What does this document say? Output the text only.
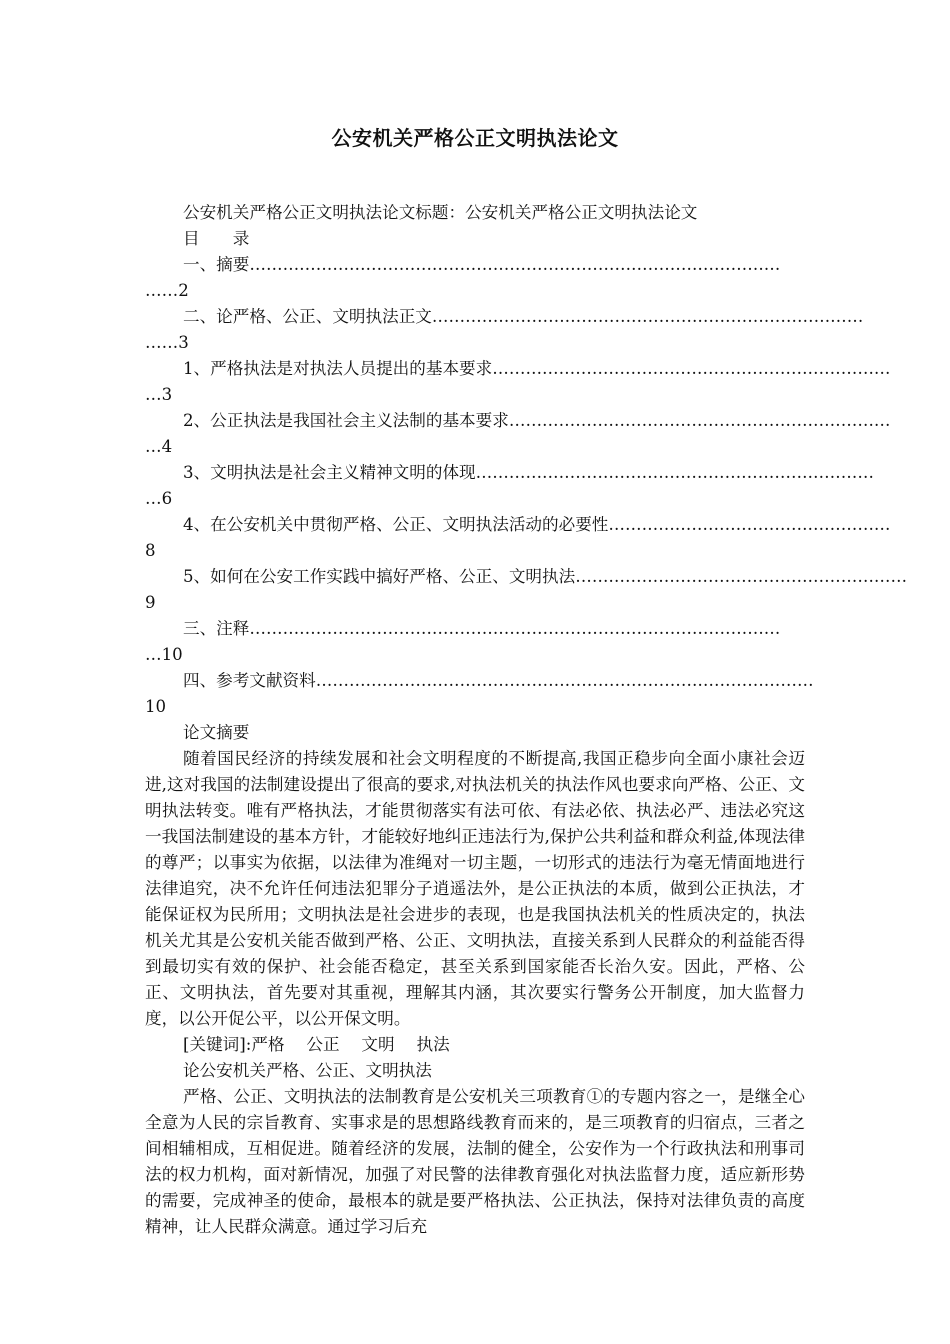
公安机关严格公正文明执法论文

公安机关严格公正文明执法论文标题：公安机关严格公正文明执法论文

目　　录

一、摘要……………………………………………………………………………………

……2

二、论严格、公正、文明执法正文……………………………………………………………………

……3

1、严格执法是对执法人员提出的基本要求………………………………………………………………

…3

2、公正执法是我国社会主义法制的基本要求……………………………………………………………

…4

3、文明执法是社会主义精神文明的体现………………………………………………………………

…6

4、在公安机关中贯彻严格、公正、文明执法活动的必要性……………………………………………

8

5、如何在公安工作实践中搞好严格、公正、文明执法……………………………………………………

9

三、注释……………………………………………………………………………………

…10

四、参考文献资料………………………………………………………………………………

10

论文摘要

随着国民经济的持续发展和社会文明程度的不断提高,我国正稳步向全面小康社会迈进,这对我国的法制建设提出了很高的要求,对执法机关的执法作风也要求向严格、公正、文明执法转变。唯有严格执法，才能贯彻落实有法可依、有法必依、执法必严、违法必究这一我国法制建设的基本方针，才能较好地纠正违法行为,保护公共利益和群众利益,体现法律的尊严；以事实为依据，以法律为准绳对一切主题，一切形式的违法行为毫无情面地进行法律追究，决不允许任何违法犯罪分子逍遥法外，是公正执法的本质，做到公正执法，才能保证权为民所用；文明执法是社会进步的表现，也是我国执法机关的性质决定的，执法机关尤其是公安机关能否做到严格、公正、文明执法，直接关系到人民群众的利益能否得到最切实有效的保护、社会能否稳定，甚至关系到国家能否长治久安。因此，严格、公正、文明执法，首先要对其重视，理解其内涵，其次要实行警务公开制度，加大监督力度，以公开促公平，以公开保文明。

[关键词]:严格　 公正　 文明　 执法

论公安机关严格、公正、文明执法

严格、公正、文明执法的法制教育是公安机关三项教育①的专题内容之一，是继全心全意为人民的宗旨教育、实事求是的思想路线教育而来的，是三项教育的归宿点，三者之间相辅相成，互相促进。随着经济的发展，法制的健全，公安作为一个行政执法和刑事司法的权力机构，面对新情况，加强了对民警的法律教育强化对执法监督力度，适应新形势的需要，完成神圣的使命，最根本的就是要严格执法、公正执法，保持对法律负责的高度精神，让人民群众满意。通过学习后充
